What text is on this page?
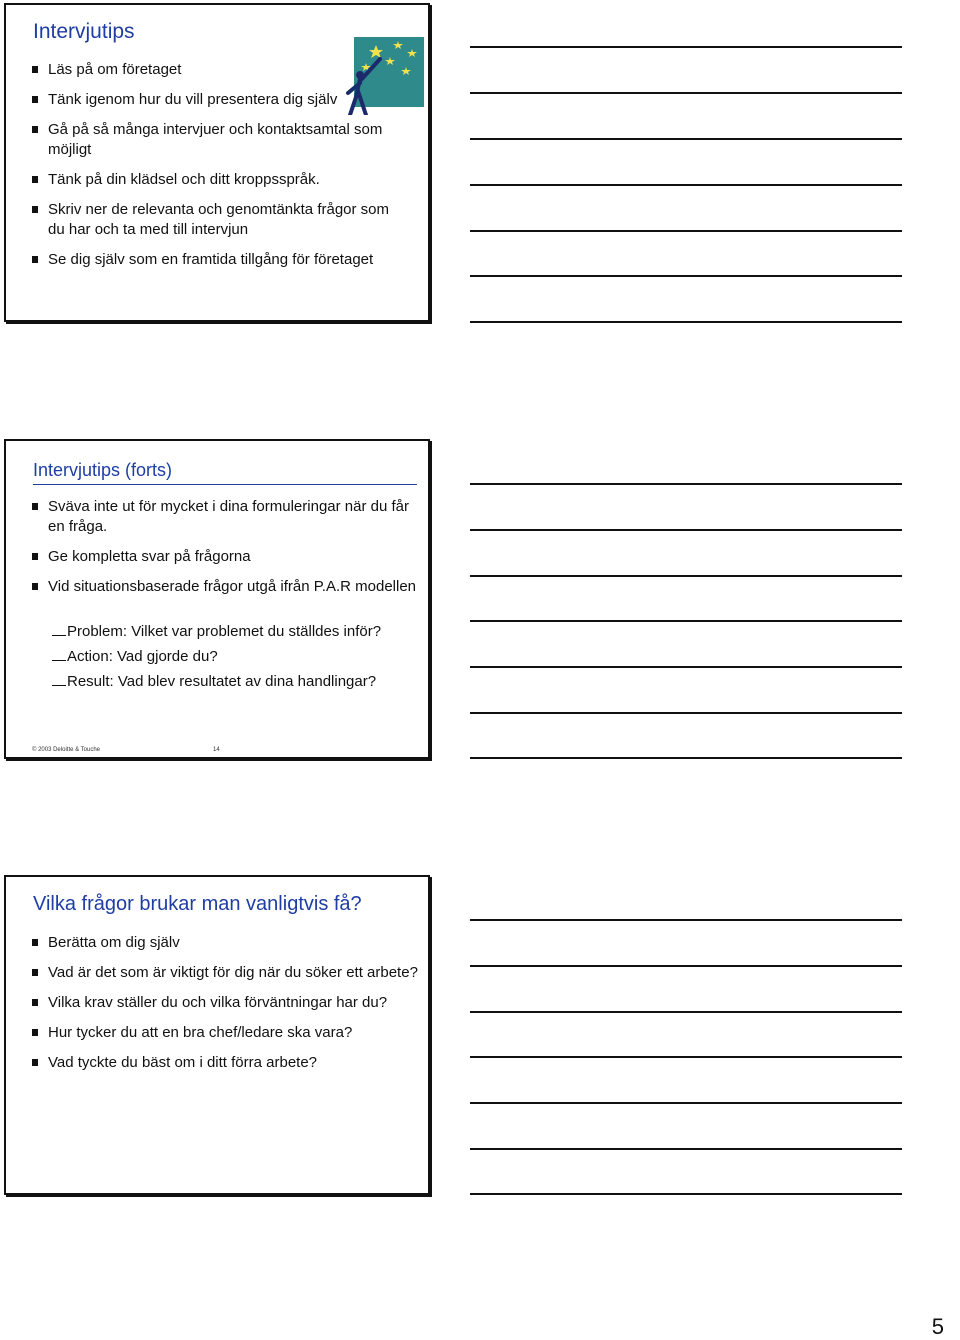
Intervjutips
Läs på om företaget
Tänk igenom hur du vill presentera dig själv
Gå på så många intervjuer och kontaktsamtal som möjligt
Tänk på din klädsel och ditt kroppsspråk.
Skriv ner de relevanta och genomtänkta frågor som du har och ta med till intervjun
Se dig själv som en framtida tillgång för företaget
Intervjutips (forts)
Sväva inte ut för mycket i dina formuleringar när du får en fråga.
Ge kompletta svar på frågorna
Vid situationsbaserade frågor utgå ifrån P.A.R modellen
Problem: Vilket var problemet du ställdes inför?
Action: Vad gjorde du?
Result: Vad blev resultatet av dina handlingar?
© 2003 Deloitte & Touche	14
Vilka frågor brukar man vanligtvis få?
Berätta om dig själv
Vad är det som är viktigt för dig när du söker ett arbete?
Vilka krav ställer du och vilka förväntningar har du?
Hur tycker du att en bra chef/ledare ska vara?
Vad tyckte du bäst om i ditt förra arbete?
5
